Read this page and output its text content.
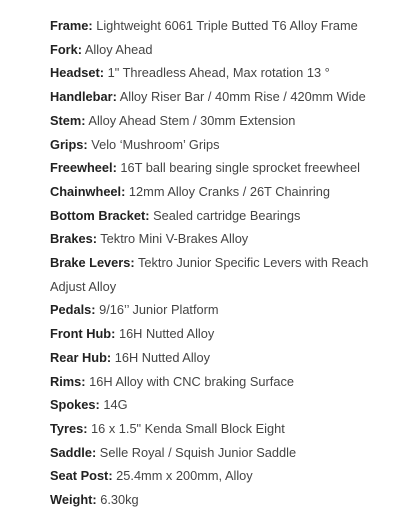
Frame: Lightweight 6061 Triple Butted T6 Alloy Frame
Fork: Alloy Ahead
Headset: 1" Threadless Ahead, Max rotation 13 °
Handlebar: Alloy Riser Bar / 40mm Rise / 420mm Wide
Stem: Alloy Ahead Stem / 30mm Extension
Grips: Velo ‘Mushroom’ Grips
Freewheel: 16T ball bearing single sprocket freewheel
Chainwheel: 12mm Alloy Cranks / 26T Chainring
Bottom Bracket: Sealed cartridge Bearings
Brakes: Tektro Mini V-Brakes Alloy
Brake Levers: Tektro Junior Specific Levers with Reach Adjust Alloy
Pedals: 9/16’’ Junior Platform
Front Hub: 16H Nutted Alloy
Rear Hub: 16H Nutted Alloy
Rims: 16H Alloy with CNC braking Surface
Spokes: 14G
Tyres: 16 x 1.5" Kenda Small Block Eight
Saddle: Selle Royal / Squish Junior Saddle
Seat Post: 25.4mm x 200mm, Alloy
Weight: 6.30kg
